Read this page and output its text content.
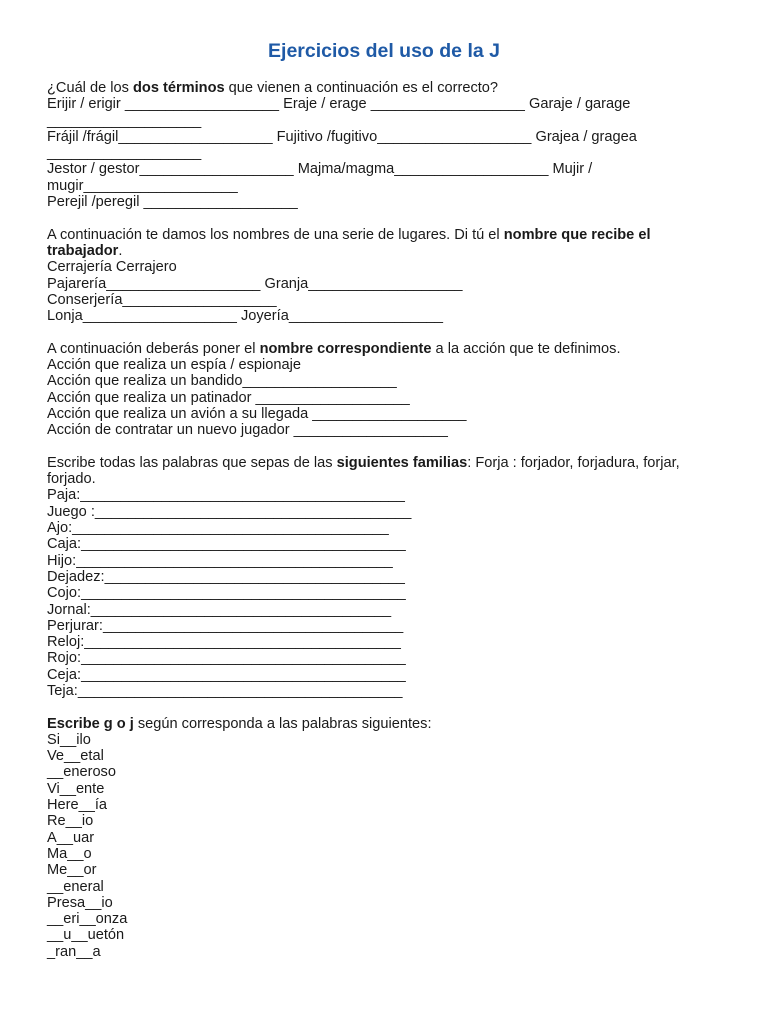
Ejercicios del uso de la J

¿Cuál de los dos términos que vienen a continuación es el correcto?

Erijir / erigir ___________________ Eraje / erage ___________________ Garaje / garage

___________________

Frájil /frágil___________________ Fujitivo /fugitivo___________________ Grajea / gragea

___________________

Jestor / gestor___________________ Majma/magma___________________ Mujir /

mugir___________________

Perejil /peregil ___________________

A continuación te damos los nombres de una serie de lugares. Di tú el nombre que recibe el trabajador.

Cerrajería Cerrajero

Pajarería___________________ Granja___________________

Conserjería___________________

Lonja___________________ Joyería___________________

A continuación deberás poner el nombre correspondiente a la acción que te definimos.

Acción que realiza un espía / espionaje

Acción que realiza un bandido___________________

Acción que realiza un patinador ___________________

Acción que realiza un avión a su llegada ___________________

Acción de contratar un nuevo jugador ___________________

Escribe todas las palabras que sepas de las siguientes familias: Forja : forjador, forjadura, forjar, forjado.

Paja:________________________________________

Juego :_______________________________________

Ajo:_______________________________________

Caja:________________________________________

Hijo:_______________________________________

Dejadez:_____________________________________

Cojo:________________________________________

Jornal:_____________________________________

Perjurar:_____________________________________

Reloj:_______________________________________

Rojo:________________________________________

Ceja:________________________________________

Teja:________________________________________

Escribe g o j según corresponda a las palabras siguientes:

Si__ilo

Ve__etal

__eneroso

Vi__ente

Here__ía

Re__io

A__uar

Ma__o

Me__or

__eneral

Presa__io

__eri__onza

__u__uetón

_ran__a
